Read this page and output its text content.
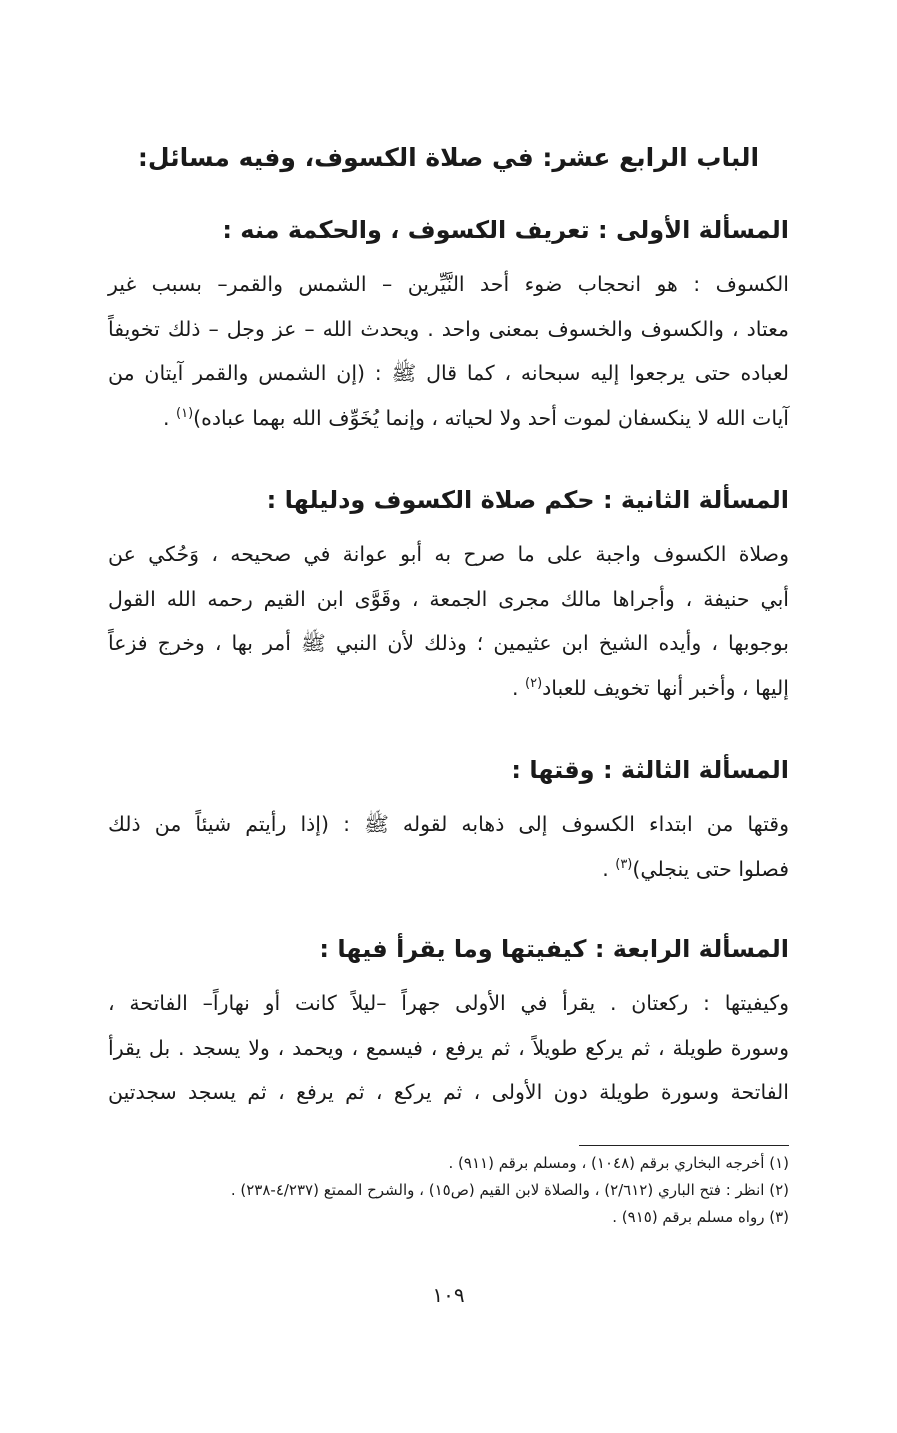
الباب الرابع عشر: في صلاة الكسوف، وفيه مسائل:
المسألة الأولى : تعريف الكسوف ، والحكمة منه :
الكسوف : هو انحجاب ضوء أحد النَّيِّرين – الشمس والقمر– بسبب غير
معتاد ، والكسوف والخسوف بمعنى واحد . ويحدث الله – عز وجل – ذلك تخويفاً
لعباده حتى يرجعوا إليه سبحانه ، كما قال ﷺ : (إن الشمس والقمر آيتان من
آيات الله لا ينكسفان لموت أحد ولا لحياته ، وإنما يُخَوِّف الله بهما عباده)$^{(١)}$ .
المسألة الثانية : حكم صلاة الكسوف ودليلها :
وصلاة الكسوف واجبة على ما صرح به أبو عوانة في صحيحه ، وَحُكي عن
أبي حنيفة ، وأجراها مالك مجرى الجمعة ، وقَوَّى ابن القيم رحمه الله القول
بوجوبها ، وأيده الشيخ ابن عثيمين ؛ وذلك لأن النبي ﷺ أمر بها ، وخرج فزعاً
إليها ، وأخبر أنها تخويف للعباد$^{(٢)}$ .
المسألة الثالثة : وقتها :
وقتها من ابتداء الكسوف إلى ذهابه لقوله ﷺ : (إذا رأيتم شيئاً من ذلك
فصلوا حتى ينجلي)$^{(٣)}$ .
المسألة الرابعة : كيفيتها وما يقرأ فيها :
وكيفيتها : ركعتان . يقرأ في الأولى جهراً –ليلاً كانت أو نهاراً– الفاتحة ،
وسورة طويلة ، ثم يركع طويلاً ، ثم يرفع ، فيسمع ، ويحمد ، ولا يسجد . بل يقرأ
الفاتحة وسورة طويلة دون الأولى ، ثم يركع ، ثم يرفع ، ثم يسجد سجدتين
(١) أخرجه البخاري برقم (١٠٤٨) ، ومسلم برقم (٩١١) .
(٢) انظر : فتح الباري (٢/٦١٢) ، والصلاة لابن القيم (ص١٥) ، والشرح الممتع (٤/٢٣٧-٢٣٨) .
(٣) رواه مسلم برقم (٩١٥) .
١٠٩
